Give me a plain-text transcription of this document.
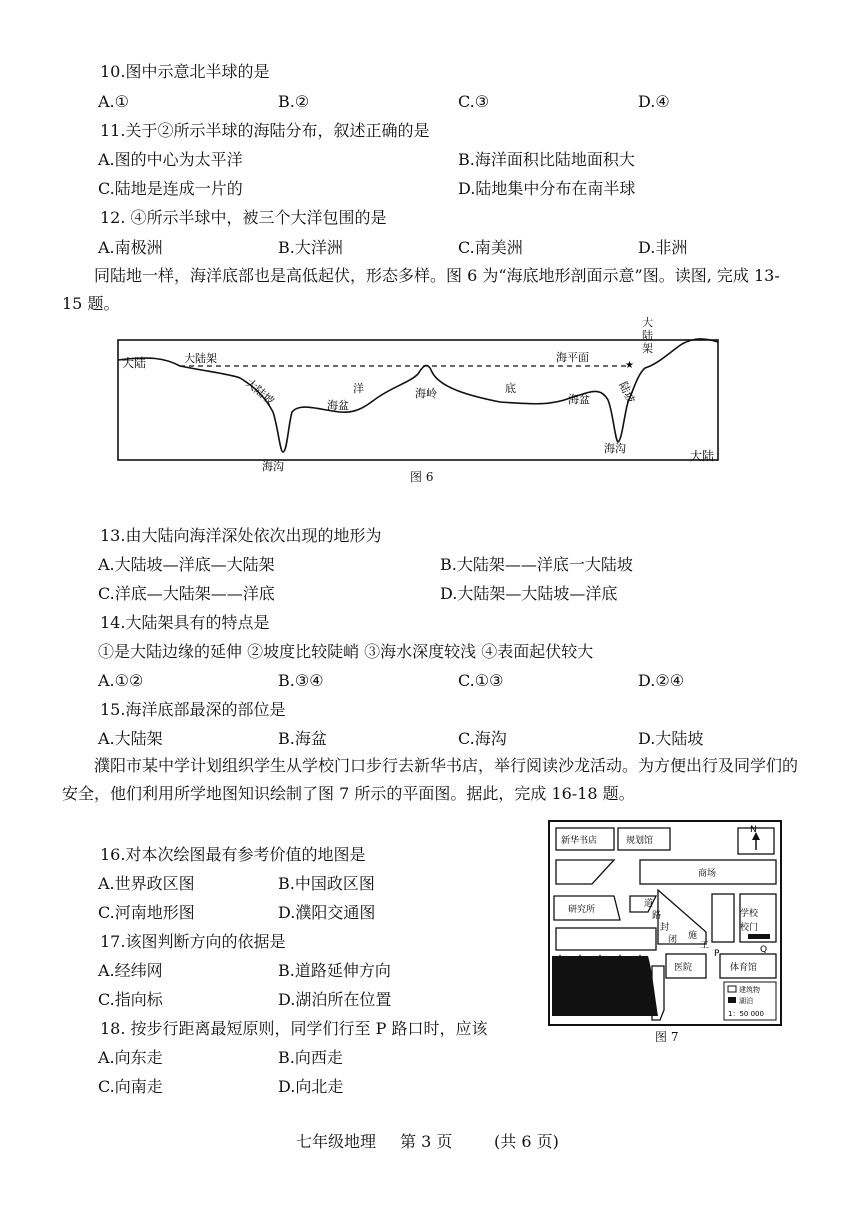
10.图中示意北半球的是
A.①	B.②	C.③	D.④
11.关于②所示半球的海陆分布，叙述正确的是
A.图的中心为太平洋	B.海洋面积比陆地面积大
C.陆地是连成一片的	D.陆地集中分布在南半球
12. ④所示半球中，被三个大洋包围的是
A.南极洲	B.大洋洲	C.南美洲	D.非洲
同陆地一样，海洋底部也是高低起伏，形态多样。图 6 为“海底地形剖面示意”图。读图, 完成 13-15 题。
大陆	大陆架
大陆坡
海沟
海盆
洋	海岭	底
海平面
海盆 陆坡
海沟
大陆
★
大陆架
图 6
13.由大陆向海洋深处依次出现的地形为
A.大陆坡—洋底—大陆架	B.大陆架——洋底一大陆坡
C.洋底—大陆架——洋底	D.大陆架—大陆坡—洋底
14.大陆架具有的特点是
①是大陆边缘的延伸 ②坡度比较陡峭 ③海水深度较浅 ④表面起伏较大
A.①②	B.③④	C.①③	D.②④
15.海洋底部最深的部位是
A.大陆架	B.海盆	C.海沟	D.大陆坡
濮阳市某中学计划组织学生从学校门口步行去新华书店，举行阅读沙龙活动。为方便出行及同学们的安全，他们利用所学地图知识绘制了图 7 所示的平面图。据此，完成 16-18 题。
16.对本次绘图最有参考价值的地图是
A.世界政区图	B.中国政区图
C.河南地形图	D.濮阳交通图
17.该图判断方向的依据是
A.经纬网	B.道路延伸方向
C.指向标	D.湖泊所在位置
18. 按步行距离最短原则，同学们行至 P 路口时，应该
A.向东走	B.向西走
C.向南走	D.向北走
新华书店	规划馆
N
商场
研究所
道
路
封
闭 施
工
学校
校门
P	Q
医院	体育馆
建筑物
湖泊
1：50 000
图 7
七年级地理 第 3 页	(共 6 页)
